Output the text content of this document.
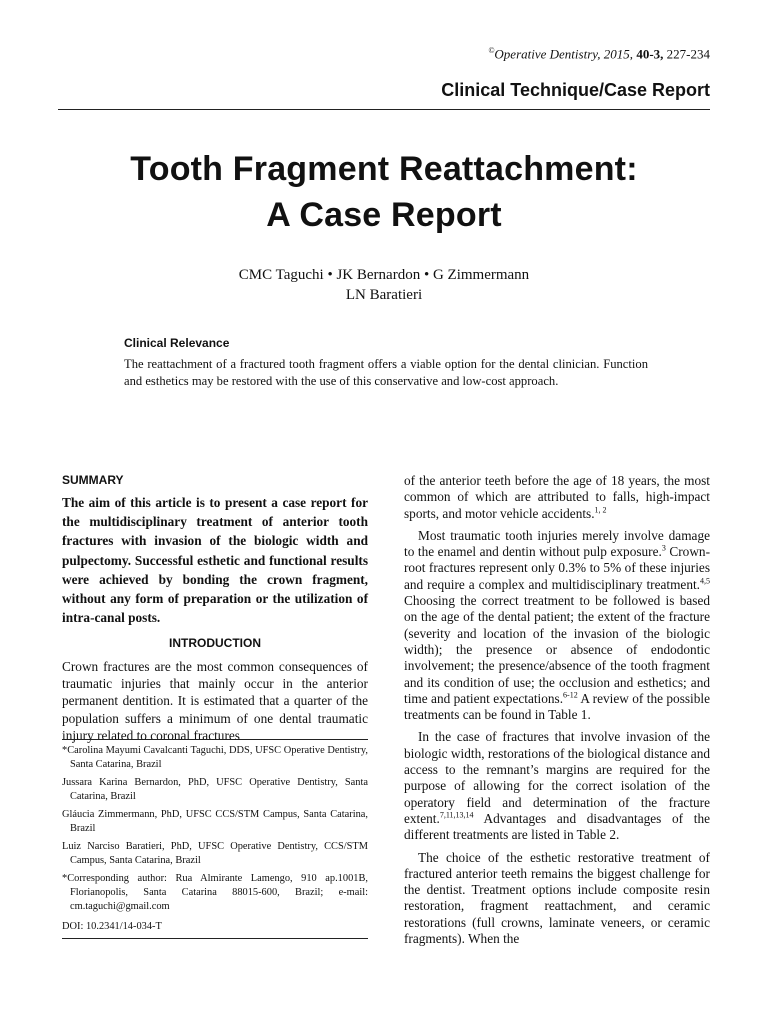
©Operative Dentistry, 2015, 40-3, 227-234
Clinical Technique/Case Report
Tooth Fragment Reattachment:
A Case Report
CMC Taguchi • JK Bernardon • G Zimmermann
LN Baratieri
Clinical Relevance
The reattachment of a fractured tooth fragment offers a viable option for the dental clinician. Function and esthetics may be restored with the use of this conservative and low-cost approach.
SUMMARY
The aim of this article is to present a case report for the multidisciplinary treatment of anterior tooth fractures with invasion of the biologic width and pulpectomy. Successful esthetic and functional results were achieved by bonding the crown fragment, without any form of preparation or the utilization of intra-canal posts.
INTRODUCTION
Crown fractures are the most common consequences of traumatic injuries that mainly occur in the anterior permanent dentition. It is estimated that a quarter of the population suffers a minimum of one dental traumatic injury related to coronal fractures
*Carolina Mayumi Cavalcanti Taguchi, DDS, UFSC Operative Dentistry, Santa Catarina, Brazil
Jussara Karina Bernardon, PhD, UFSC Operative Dentistry, Santa Catarina, Brazil
Gláucia Zimmermann, PhD, UFSC CCS/STM Campus, Santa Catarina, Brazil
Luiz Narciso Baratieri, PhD, UFSC Operative Dentistry, CCS/STM Campus, Santa Catarina, Brazil
*Corresponding author: Rua Almirante Lamengo, 910 ap.1001B, Florianopolis, Santa Catarina 88015-600, Brazil; e-mail: cm.taguchi@gmail.com
DOI: 10.2341/14-034-T

of the anterior teeth before the age of 18 years, the most common of which are attributed to falls, high-impact sports, and motor vehicle accidents.$^{1, 2}$

Most traumatic tooth injuries merely involve damage to the enamel and dentin without pulp exposure.$^3$ Crown-root fractures represent only 0.3% to 5% of these injuries and require a complex and multidisciplinary treatment.$^{4,5}$ Choosing the correct treatment to be followed is based on the age of the dental patient; the extent of the fracture (severity and location of the invasion of the biologic width); the presence or absence of endodontic involvement; the presence/absence of the tooth fragment and its condition of use; the occlusion and esthetics; and time and patient expectations.$^{6-12}$ A review of the possible treatments can be found in Table 1.

In the case of fractures that involve invasion of the biologic width, restorations of the biological distance and access to the remnant’s margins are required for the purpose of allowing for the correct isolation of the operatory field and determination of the fracture extent.$^{7,11,13,14}$ Advantages and disadvantages of the different treatments are listed in Table 2.

The choice of the esthetic restorative treatment of fractured anterior teeth remains the biggest challenge for the dentist. Treatment options include composite resin restoration, fragment reattachment, and ceramic restorations (full crowns, laminate veneers, or ceramic fragments). When the
